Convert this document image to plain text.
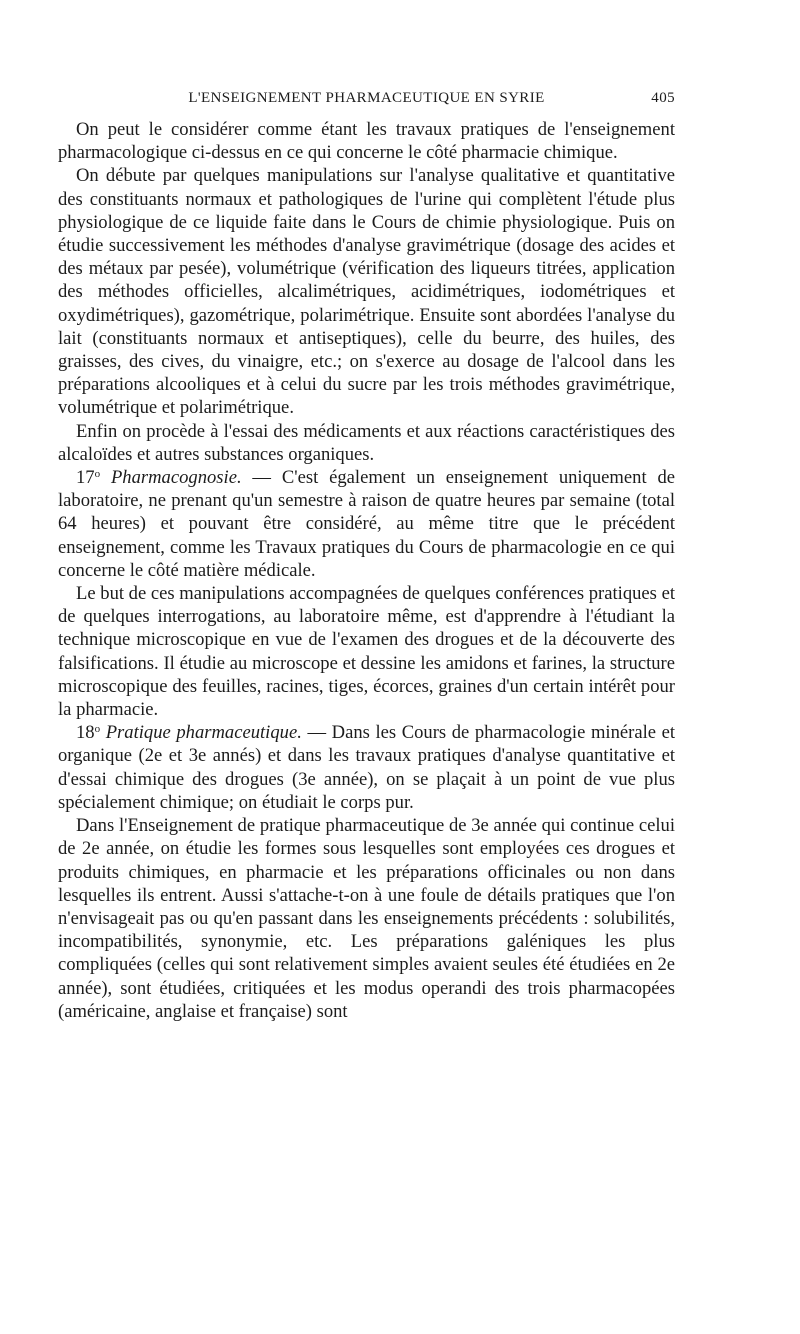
L'ENSEIGNEMENT PHARMACEUTIQUE EN SYRIE	405

On peut le considérer comme étant les travaux pratiques de l'enseignement pharmacologique ci-dessus en ce qui concerne le côté pharmacie chimique.

On débute par quelques manipulations sur l'analyse qualitative et quantitative des constituants normaux et pathologiques de l'urine qui complètent l'étude plus physiologique de ce liquide faite dans le Cours de chimie physiologique. Puis on étudie successivement les méthodes d'analyse gravimétrique (dosage des acides et des métaux par pesée), volumétrique (vérification des liqueurs titrées, application des méthodes officielles, alcalimétriques, acidimétriques, iodométriques et oxydimétriques), gazométrique, polarimétrique. Ensuite sont abordées l'analyse du lait (constituants normaux et antiseptiques), celle du beurre, des huiles, des graisses, des cives, du vinaigre, etc.; on s'exerce au dosage de l'alcool dans les préparations alcooliques et à celui du sucre par les trois méthodes gravimétrique, volumétrique et polarimétrique.

Enfin on procède à l'essai des médicaments et aux réactions caractéristiques des alcaloïdes et autres substances organiques.

17$^o$ Pharmacognosie. — C'est également un enseignement uniquement de laboratoire, ne prenant qu'un semestre à raison de quatre heures par semaine (total 64 heures) et pouvant être considéré, au même titre que le précédent enseignement, comme les Travaux pratiques du Cours de pharmacologie en ce qui concerne le côté matière médicale.

Le but de ces manipulations accompagnées de quelques conférences pratiques et de quelques interrogations, au laboratoire même, est d'apprendre à l'étudiant la technique microscopique en vue de l'examen des drogues et de la découverte des falsifications. Il étudie au microscope et dessine les amidons et farines, la structure microscopique des feuilles, racines, tiges, écorces, graines d'un certain intérêt pour la pharmacie.

18$^o$ Pratique pharmaceutique. — Dans les Cours de pharmacologie minérale et organique (2e et 3e annés) et dans les travaux pratiques d'analyse quantitative et d'essai chimique des drogues (3e année), on se plaçait à un point de vue plus spécialement chimique; on étudiait le corps pur.

Dans l'Enseignement de pratique pharmaceutique de 3e année qui continue celui de 2e année, on étudie les formes sous lesquelles sont employées ces drogues et produits chimiques, en pharmacie et les préparations officinales ou non dans lesquelles ils entrent. Aussi s'attache-t-on à une foule de détails pratiques que l'on n'envisageait pas ou qu'en passant dans les enseignements précédents : solubilités, incompatibilités, synonymie, etc. Les préparations galéniques les plus compliquées (celles qui sont relativement simples avaient seules été étudiées en 2e année), sont étudiées, critiquées et les modus operandi des trois pharmacopées (américaine, anglaise et française) sont
